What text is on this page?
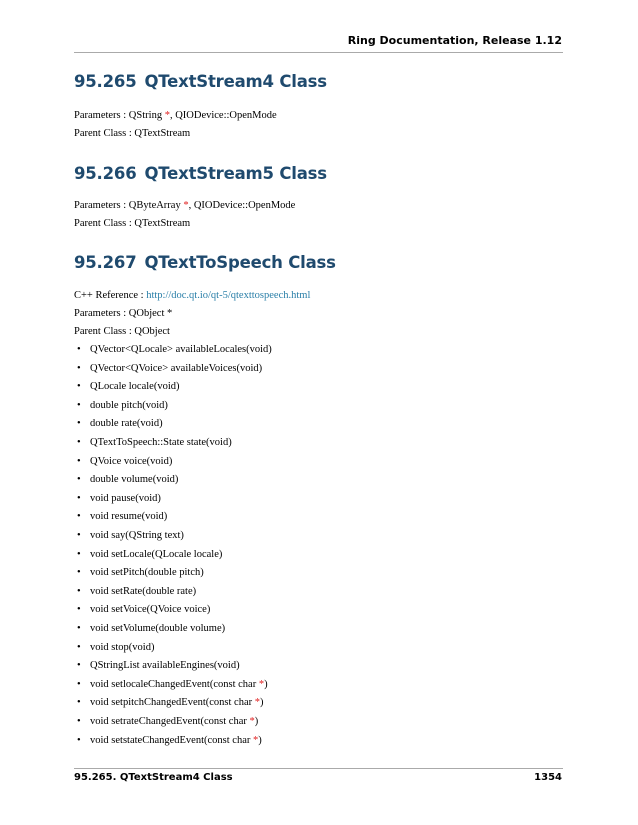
Ring Documentation, Release 1.12
95.265 QTextStream4 Class

Parameters : QString *, QIODevice::OpenMode

Parent Class : QTextStream

95.266 QTextStream5 Class

Parameters : QByteArray *, QIODevice::OpenMode

Parent Class : QTextStream

95.267 QTextToSpeech Class

C++ Reference : http://doc.qt.io/qt-5/qtexttospeech.html

Parameters : QObject *

Parent Class : QObject

• QVector<QLocale> availableLocales(void)
• QVector<QVoice> availableVoices(void)
• QLocale locale(void)
• double pitch(void)
• double rate(void)
• QTextToSpeech::State state(void)
• QVoice voice(void)
• double volume(void)
• void pause(void)
• void resume(void)
• void say(QString text)
• void setLocale(QLocale locale)
• void setPitch(double pitch)
• void setRate(double rate)
• void setVoice(QVoice voice)
• void setVolume(double volume)
• void stop(void)
• QStringList availableEngines(void)
• void setlocaleChangedEvent(const char *)
• void setpitchChangedEvent(const char *)
• void setrateChangedEvent(const char *)
• void setstateChangedEvent(const char *)
95.265. QTextStream4 Class	1354
